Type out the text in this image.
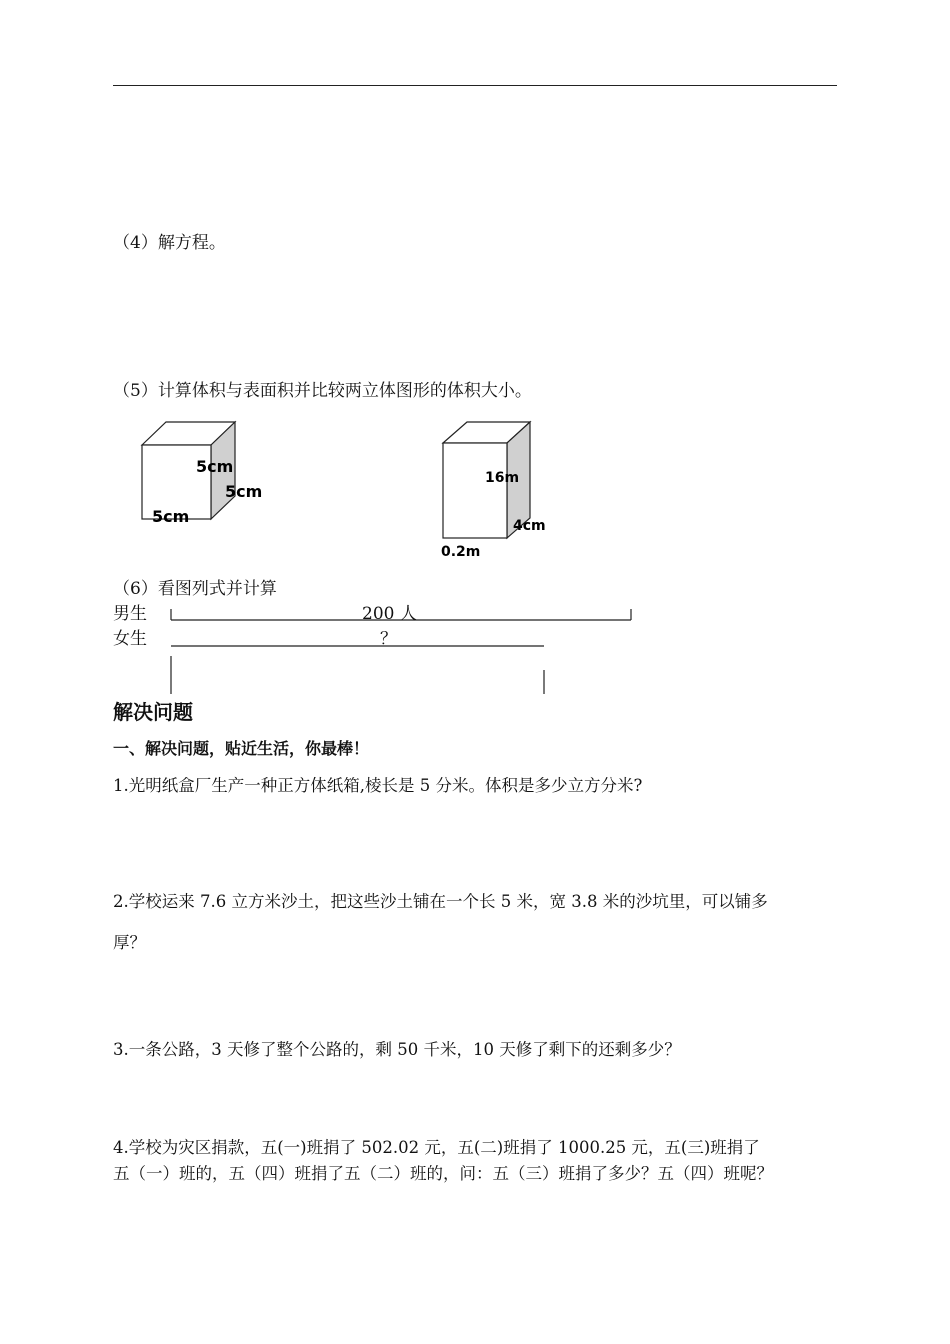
（4）解方程。
（5）计算体积与表面积并比较两立体图形的体积大小。
5cm
5cm
5cm
16m
4cm
0.2m
（6）看图列式并计算
男生
女生
200 人
？
解决问题
一、解决问题，贴近生活，你最棒！
1.光明纸盒厂生产一种正方体纸箱,棱长是 5 分米。体积是多少立方分米?
2.学校运来 7.6 立方米沙土，把这些沙土铺在一个长 5 米，宽 3.8 米的沙坑里，可以铺多
厚？
3.一条公路，3 天修了整个公路的，剩 50 千米，10 天修了剩下的还剩多少？
4.学校为灾区捐款，五(一)班捐了 502.02 元，五(二)班捐了 1000.25 元，五(三)班捐了
五（一）班的，五（四）班捐了五（二）班的，问：五（三）班捐了多少？五（四）班呢？
